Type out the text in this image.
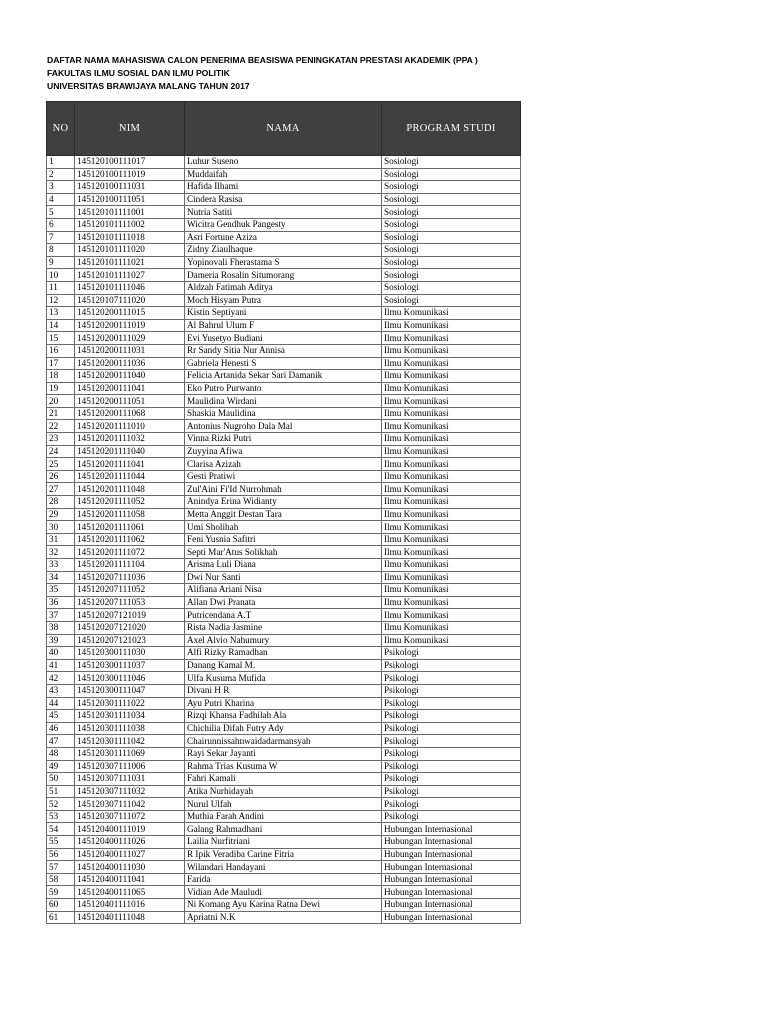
DAFTAR NAMA MAHASISWA CALON PENERIMA BEASISWA PENINGKATAN PRESTASI AKADEMIK (PPA )
FAKULTAS ILMU SOSIAL DAN ILMU POLITIK
UNIVERSITAS BRAWIJAYA MALANG TAHUN 2017
NO	NIM	NAMA	PROGRAM STUDI
1	145120100111017	Luhur Suseno	Sosiologi
2	145120100111019	Muddaifah	Sosiologi
3	145120100111031	Hafida Ilhami	Sosiologi
4	145120100111051	Cindera Rasisa	Sosiologi
5	145120101111001	Nutria Satiti	Sosiologi
6	145120101111002	Wicitra Gendhuk Pangesty	Sosiologi
7	145120101111018	Asri Fortune Aziza	Sosiologi
8	145120101111020	Zidny Ziaulhaque	Sosiologi
9	145120101111021	Yopinovali Fherastama S	Sosiologi
10	145120101111027	Dameria Rosalin Situmorang	Sosiologi
11	145120101111046	Aldzah Fatimah Aditya	Sosiologi
12	145120107111020	Moch Hisyam Putra	Sosiologi
13	145120200111015	Kistin Septiyani	Ilmu Komunikasi
14	145120200111019	Al Bahrul Ulum F	Ilmu Komunikasi
15	145120200111029	Evi Yusetyo Budiani	Ilmu Komunikasi
16	145120200111031	Rr Sandy Sitia Nur Annisa	Ilmu Komunikasi
17	145120200111036	Gabriela Henesti S	Ilmu Komunikasi
18	145120200111040	Felicia Artanida Sekar Sari Damanik	Ilmu Komunikasi
19	145120200111041	Eko Putro Purwanto	Ilmu Komunikasi
20	145120200111051	Maulidina Wirdani	Ilmu Komunikasi
21	145120200111068	Shaskia Maulidina	Ilmu Komunikasi
22	145120201111010	Antonius Nugroho Dala Mal	Ilmu Komunikasi
23	145120201111032	Vinna Rizki Putri	Ilmu Komunikasi
24	145120201111040	Zuyyina Afiwa	Ilmu Komunikasi
25	145120201111041	Clarisa Azizah	Ilmu Komunikasi
26	145120201111044	Gesti Pratiwi	Ilmu Komunikasi
27	145120201111048	Zul'Aini Fi'Id Nurrohmah	Ilmu Komunikasi
28	145120201111052	Anindya Erina Widianty	Ilmu Komunikasi
29	145120201111058	Metta Anggit Destan Tara	Ilmu Komunikasi
30	145120201111061	Umi Sholihah	Ilmu Komunikasi
31	145120201111062	Feni Yusnia Safitri	Ilmu Komunikasi
32	145120201111072	Septi Mar'Atus Solikhah	Ilmu Komunikasi
33	145120201111104	Arisma Luli Diana	Ilmu Komunikasi
34	145120207111036	Dwi Nur Santi	Ilmu Komunikasi
35	145120207111052	Alifiana Ariani Nisa	Ilmu Komunikasi
36	145120207111053	Allan Dwi Pranata	Ilmu Komunikasi
37	145120207121019	Putricendana A.T	Ilmu Komunikasi
38	145120207121020	Rista Nadia Jasmine	Ilmu Komunikasi
39	145120207121023	Axel Alvio Nahumury	Ilmu Komunikasi
40	145120300111030	Alfi Rizky Ramadhan	Psikologi
41	145120300111037	Danang Kamal M.	Psikologi
42	145120300111046	Ulfa Kusuma Mufida	Psikologi
43	145120300111047	Divani H R	Psikologi
44	145120301111022	Ayu Putri Kharina	Psikologi
45	145120301111034	Rizqi Khansa Fadhilah Ala	Psikologi
46	145120301111038	Chichilia Difah Futry Ady	Psikologi
47	145120301111042	Chairunnissahnwaidadarmansyah	Psikologi
48	145120301111069	Rayi Sekar Jayanti	Psikologi
49	145120307111006	Rahma Trias Kusuma W	Psikologi
50	145120307111031	Fahri Kamali	Psikologi
51	145120307111032	Atika Nurhidayah	Psikologi
52	145120307111042	Nurul Ulfah	Psikologi
53	145120307111072	Muthia Farah Andini	Psikologi
54	145120400111019	Galang Rahmadhani	Hubungan Internasional
55	145120400111026	Lailia Nurfitriani	Hubungan Internasional
56	145120400111027	R Ipik Veradiba Carine Fitria	Hubungan Internasional
57	145120400111030	Wilandari Handayani	Hubungan Internasional
58	145120400111041	Farida	Hubungan Internasional
59	145120400111065	Vidian Ade Mauludi	Hubungan Internasional
60	145120401111016	Ni Komang Ayu Karina Ratna Dewi	Hubungan Internasional
61	145120401111048	Apriatni N.K	Hubungan Internasional
